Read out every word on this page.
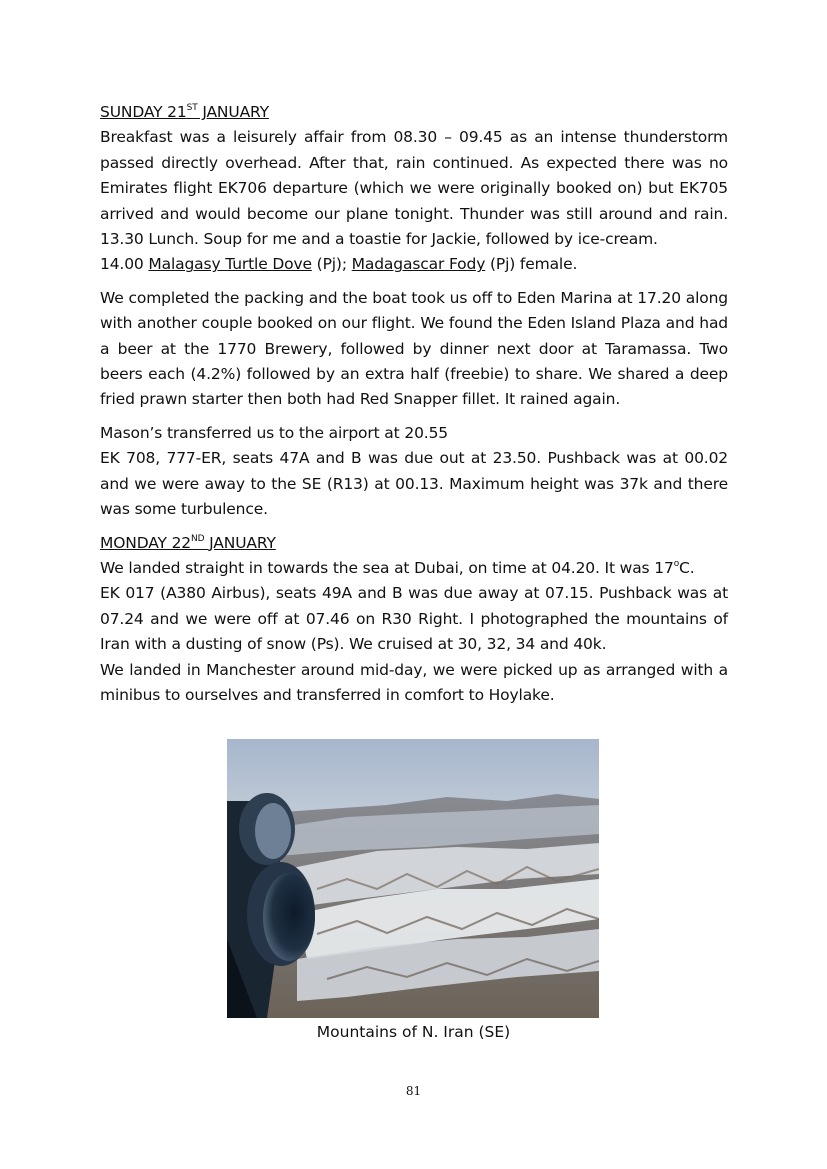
SUNDAY 21ST JANUARY
Breakfast was a leisurely affair from 08.30 – 09.45 as an intense thunderstorm
passed directly overhead. After that, rain continued. As expected there was no
Emirates flight EK706 departure (which we were originally booked on) but EK705
arrived and would become our plane tonight. Thunder was still around and rain.
13.30 Lunch. Soup for me and a toastie for Jackie, followed by ice-cream.
14.00 Malagasy Turtle Dove (Pj); Madagascar Fody (Pj) female.
We completed the packing and the boat took us off to Eden Marina at 17.20 along
with another couple booked on our flight. We found the Eden Island Plaza and had
a beer at the 1770 Brewery, followed by dinner next door at Taramassa. Two
beers each (4.2%) followed by an extra half (freebie) to share. We shared a deep
fried prawn starter then both had Red Snapper fillet. It rained again.
Mason’s transferred us to the airport at 20.55
EK 708, 777-ER, seats 47A and B was due out at 23.50. Pushback was at 00.02
and we were away to the SE (R13) at 00.13. Maximum height was 37k and there
was some turbulence.
MONDAY 22ND JANUARY
We landed straight in towards the sea at Dubai, on time at 04.20. It was 17$^o$C.
EK 017 (A380 Airbus), seats 49A and B was due away at 07.15. Pushback was at
07.24 and we were off at 07.46 on R30 Right. I photographed the mountains of
Iran with a dusting of snow (Ps). We cruised at 30, 32, 34 and 40k.
We landed in Manchester around mid-day, we were picked up as arranged with a
minibus to ourselves and transferred in comfort to Hoylake.
Mountains of N. Iran (SE)
81
